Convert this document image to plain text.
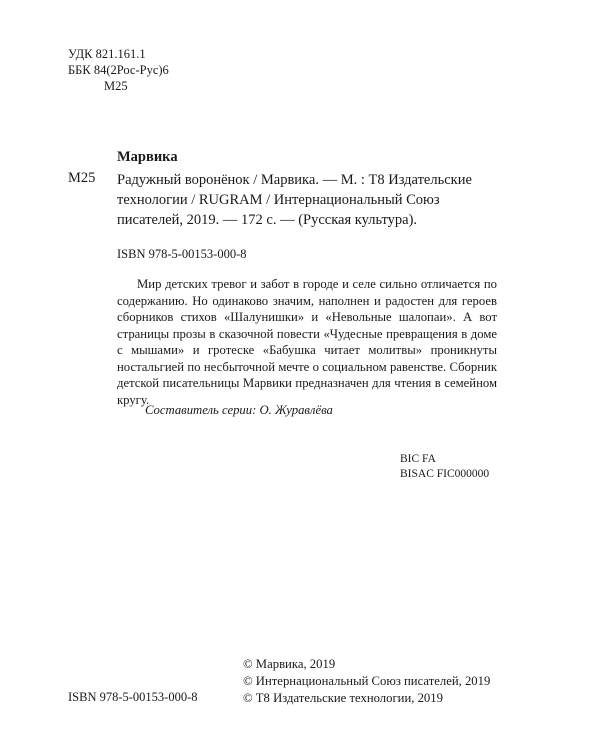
УДК 821.161.1
ББК 84(2Рос-Рус)6
М25
Марвика
М25 Радужный воронёнок / Марвика. — М. : Т8 Издательские технологии / RUGRAM / Интернациональный Союз писателей, 2019. — 172 с. — (Русская культура).
ISBN 978-5-00153-000-8

Мир детских тревог и забот в городе и селе сильно отличается по содержанию. Но одинаково значим, наполнен и радостен для героев сборников стихов «Шалунишки» и «Невольные шалопаи». А вот страницы прозы в сказочной повести «Чудесные превращения в доме с мышами» и гротеске «Бабушка читает молитвы» проникнуты ностальгией по несбыточной мечте о социальном равенстве. Сборник детской писательницы Марвики предназначен для чтения в семейном кругу.

Составитель серии: О. Журавлёва
BIC FA
BISAC FIC000000
ISBN 978-5-00153-000-8
© Марвика, 2019
© Интернациональный Союз писателей, 2019
© Т8 Издательские технологии, 2019
